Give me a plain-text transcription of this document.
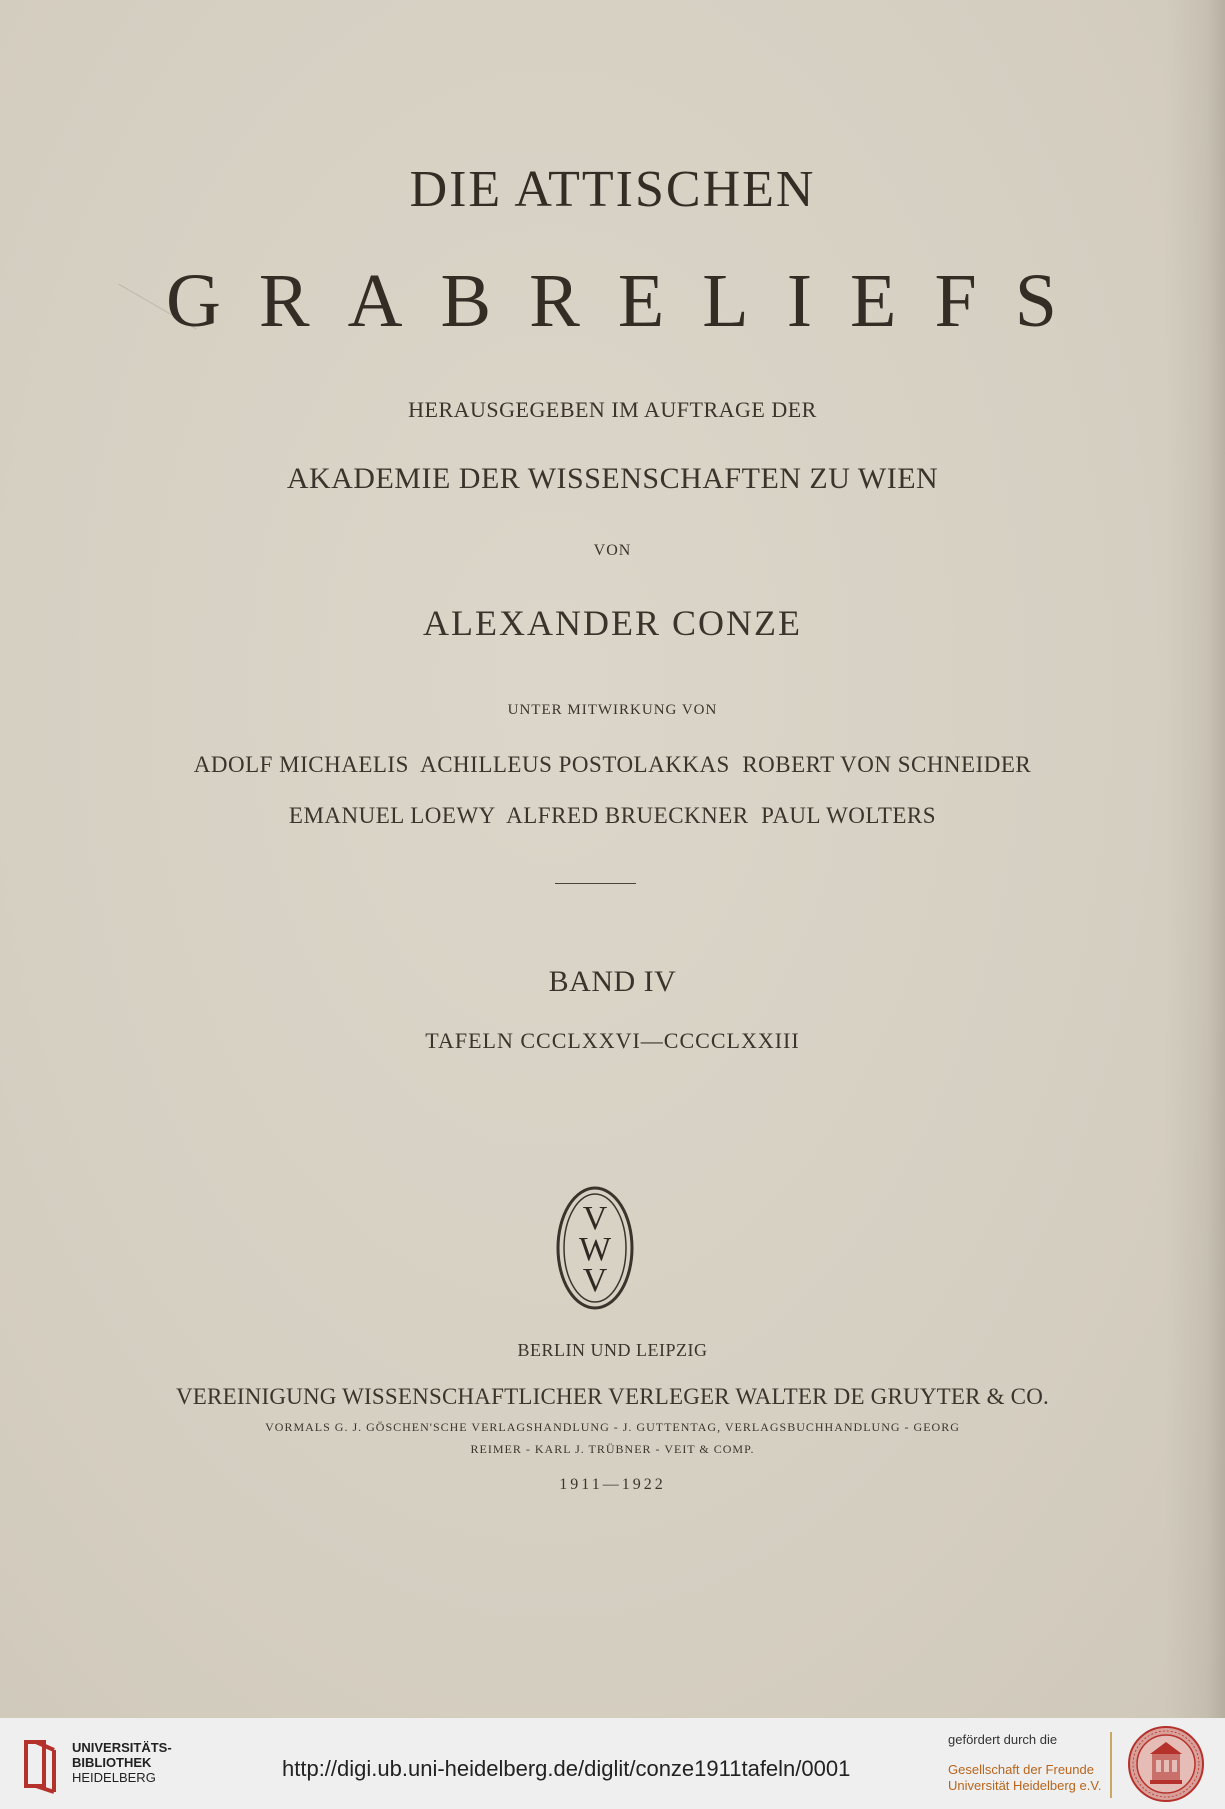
DIE ATTISCHEN
GRABRELIEFS
HERAUSGEGEBEN IM AUFTRAGE DER
AKADEMIE DER WISSENSCHAFTEN ZU WIEN
VON
ALEXANDER CONZE
UNTER MITWIRKUNG VON
ADOLF MICHAELIS  ACHILLEUS POSTOLAKKAS  ROBERT VON SCHNEIDER
EMANUEL LOEWY  ALFRED BRUECKNER  PAUL WOLTERS
BAND IV
TAFELN CCCLXXVI—CCCCLXXIII
V
W
V
BERLIN UND LEIPZIG
VEREINIGUNG WISSENSCHAFTLICHER VERLEGER WALTER DE GRUYTER & CO.
VORMALS G. J. GÖSCHEN'SCHE VERLAGSHANDLUNG - J. GUTTENTAG, VERLAGSBUCHHANDLUNG - GEORG
REIMER - KARL J. TRÜBNER - VEIT & COMP.
1911—1922
UNIVERSITÄTS-
BIBLIOTHEK
HEIDELBERG	http://digi.ub.uni-heidelberg.de/diglit/conze1911tafeln/0001
gefördert durch die
Gesellschaft der Freunde
Universität Heidelberg e.V.
